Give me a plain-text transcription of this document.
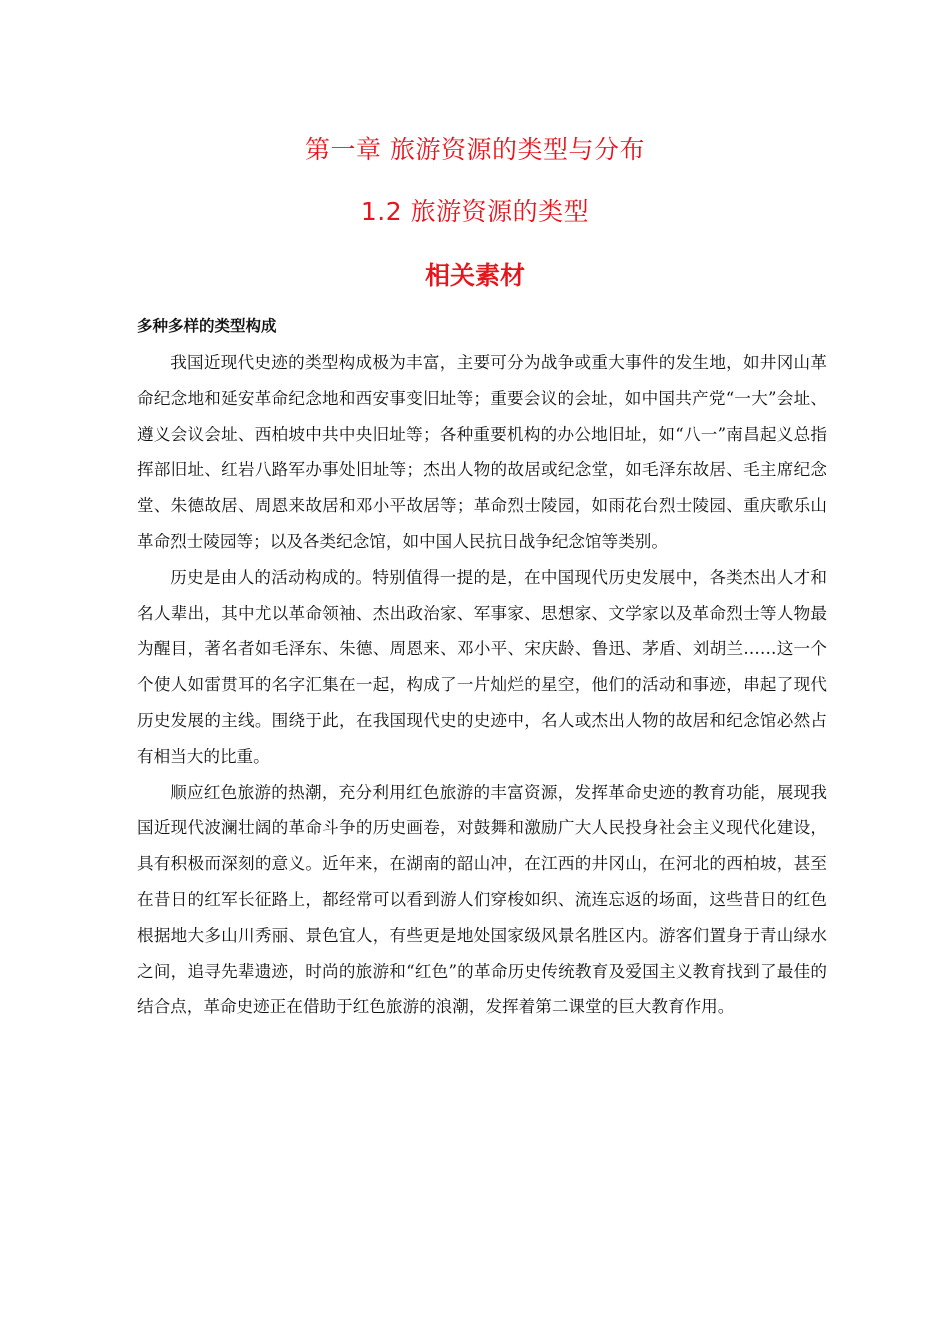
第一章 旅游资源的类型与分布
1.2 旅游资源的类型
相关素材
多种多样的类型构成

我国近现代史迹的类型构成极为丰富，主要可分为战争或重大事件的发生地，如井冈山革命纪念地和延安革命纪念地和西安事变旧址等；重要会议的会址，如中国共产党“一大”会址、遵义会议会址、西柏坡中共中央旧址等；各种重要机构的办公地旧址，如“八一”南昌起义总指挥部旧址、红岩八路军办事处旧址等；杰出人物的故居或纪念堂，如毛泽东故居、毛主席纪念堂、朱德故居、周恩来故居和邓小平故居等；革命烈士陵园，如雨花台烈士陵园、重庆歌乐山革命烈士陵园等；以及各类纪念馆，如中国人民抗日战争纪念馆等类别。

历史是由人的活动构成的。特别值得一提的是，在中国现代历史发展中，各类杰出人才和名人辈出，其中尤以革命领袖、杰出政治家、军事家、思想家、文学家以及革命烈士等人物最为醒目，著名者如毛泽东、朱德、周恩来、邓小平、宋庆龄、鲁迅、茅盾、刘胡兰……这一个个使人如雷贯耳的名字汇集在一起，构成了一片灿烂的星空，他们的活动和事迹，串起了现代历史发展的主线。围绕于此，在我国现代史的史迹中，名人或杰出人物的故居和纪念馆必然占有相当大的比重。

顺应红色旅游的热潮，充分利用红色旅游的丰富资源，发挥革命史迹的教育功能，展现我国近现代波澜壮阔的革命斗争的历史画卷，对鼓舞和激励广大人民投身社会主义现代化建设，具有积极而深刻的意义。近年来，在湖南的韶山冲，在江西的井冈山，在河北的西柏坡，甚至在昔日的红军长征路上，都经常可以看到游人们穿梭如织、流连忘返的场面，这些昔日的红色根据地大多山川秀丽、景色宜人，有些更是地处国家级风景名胜区内。游客们置身于青山绿水之间，追寻先辈遗迹，时尚的旅游和“红色”的革命历史传统教育及爱国主义教育找到了最佳的结合点，革命史迹正在借助于红色旅游的浪潮，发挥着第二课堂的巨大教育作用。
